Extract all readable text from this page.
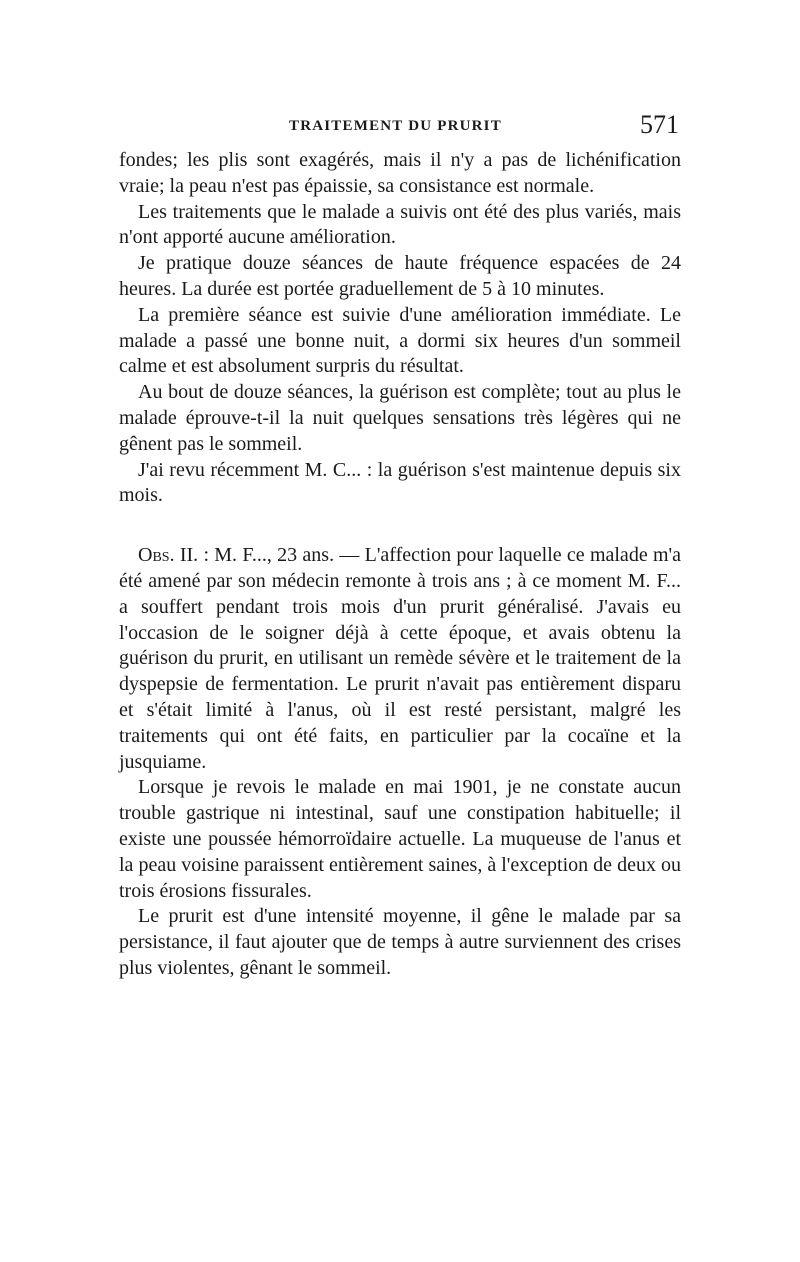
TRAITEMENT DU PRURIT	571

fondes; les plis sont exagérés, mais il n'y a pas de lichénification vraie; la peau n'est pas épaissie, sa consistance est normale.

Les traitements que le malade a suivis ont été des plus variés, mais n'ont apporté aucune amélioration.

Je pratique douze séances de haute fréquence espacées de 24 heures. La durée est portée graduellement de 5 à 10 minutes.

La première séance est suivie d'une amélioration immédiate. Le malade a passé une bonne nuit, a dormi six heures d'un sommeil calme et est absolument surpris du résultat.

Au bout de douze séances, la guérison est complète; tout au plus le malade éprouve-t-il la nuit quelques sensations très légères qui ne gênent pas le sommeil.

J'ai revu récemment M. C... : la guérison s'est maintenue depuis six mois.

Obs. II. : M. F..., 23 ans. — L'affection pour laquelle ce malade m'a été amené par son médecin remonte à trois ans ; à ce moment M. F... a souffert pendant trois mois d'un prurit généralisé. J'avais eu l'occasion de le soigner déjà à cette époque, et avais obtenu la guérison du prurit, en utilisant un remède sévère et le traitement de la dyspepsie de fermentation. Le prurit n'avait pas entièrement disparu et s'était limité à l'anus, où il est resté persistant, malgré les traitements qui ont été faits, en particulier par la cocaïne et la jusquiame.

Lorsque je revois le malade en mai 1901, je ne constate aucun trouble gastrique ni intestinal, sauf une constipation habituelle; il existe une poussée hémorroïdaire actuelle. La muqueuse de l'anus et la peau voisine paraissent entièrement saines, à l'exception de deux ou trois érosions fissurales.

Le prurit est d'une intensité moyenne, il gêne le malade par sa persistance, il faut ajouter que de temps à autre surviennent des crises plus violentes, gênant le sommeil.
